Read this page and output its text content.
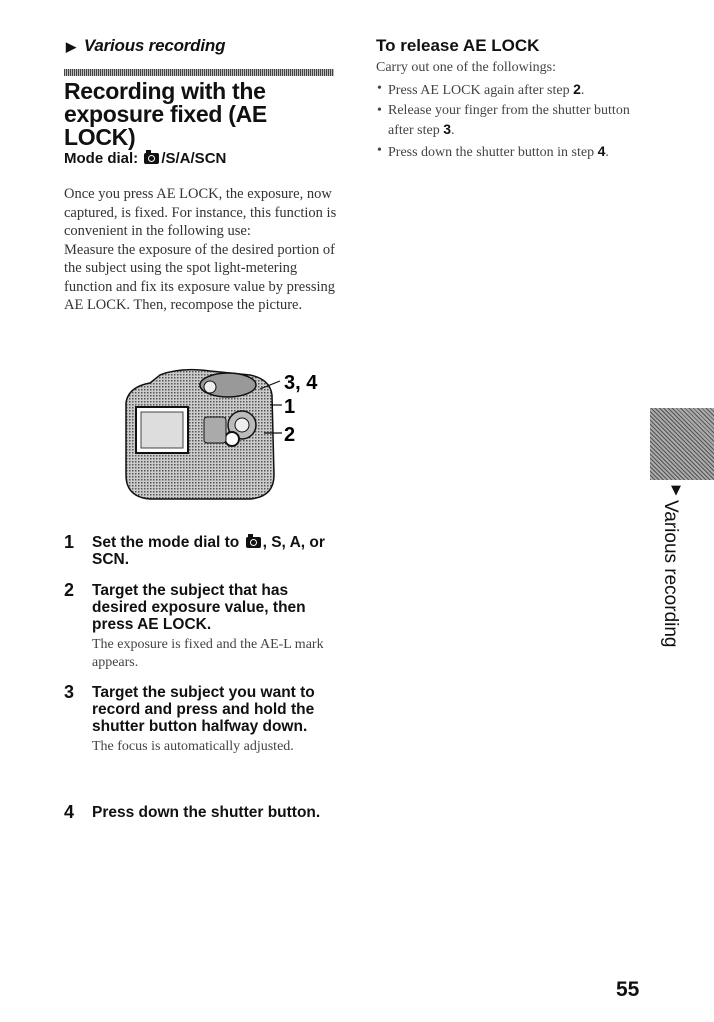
▶ Various recording
Recording with the exposure fixed (AE LOCK)
Mode dial: /S/A/SCN

Once you press AE LOCK, the exposure, now captured, is fixed. For instance, this function is convenient in the following use:
Measure the exposure of the desired portion of the subject using the spot light-metering function and fix its exposure value by pressing AE LOCK. Then, recompose the picture.

3, 4
1
2
1 Set the mode dial to , S, A, or SCN.
2 Target the subject that has desired exposure value, then press AE LOCK.
The exposure is fixed and the AE-L mark appears.
3 Target the subject you want to record and press and hold the shutter button halfway down.
The focus is automatically adjusted.
4 Press down the shutter button.
To release AE LOCK
Carry out one of the followings:
• Press AE LOCK again after step 2.
• Release your finger from the shutter button after step 3.
• Press down the shutter button in step 4.
▼
Various recording
55
